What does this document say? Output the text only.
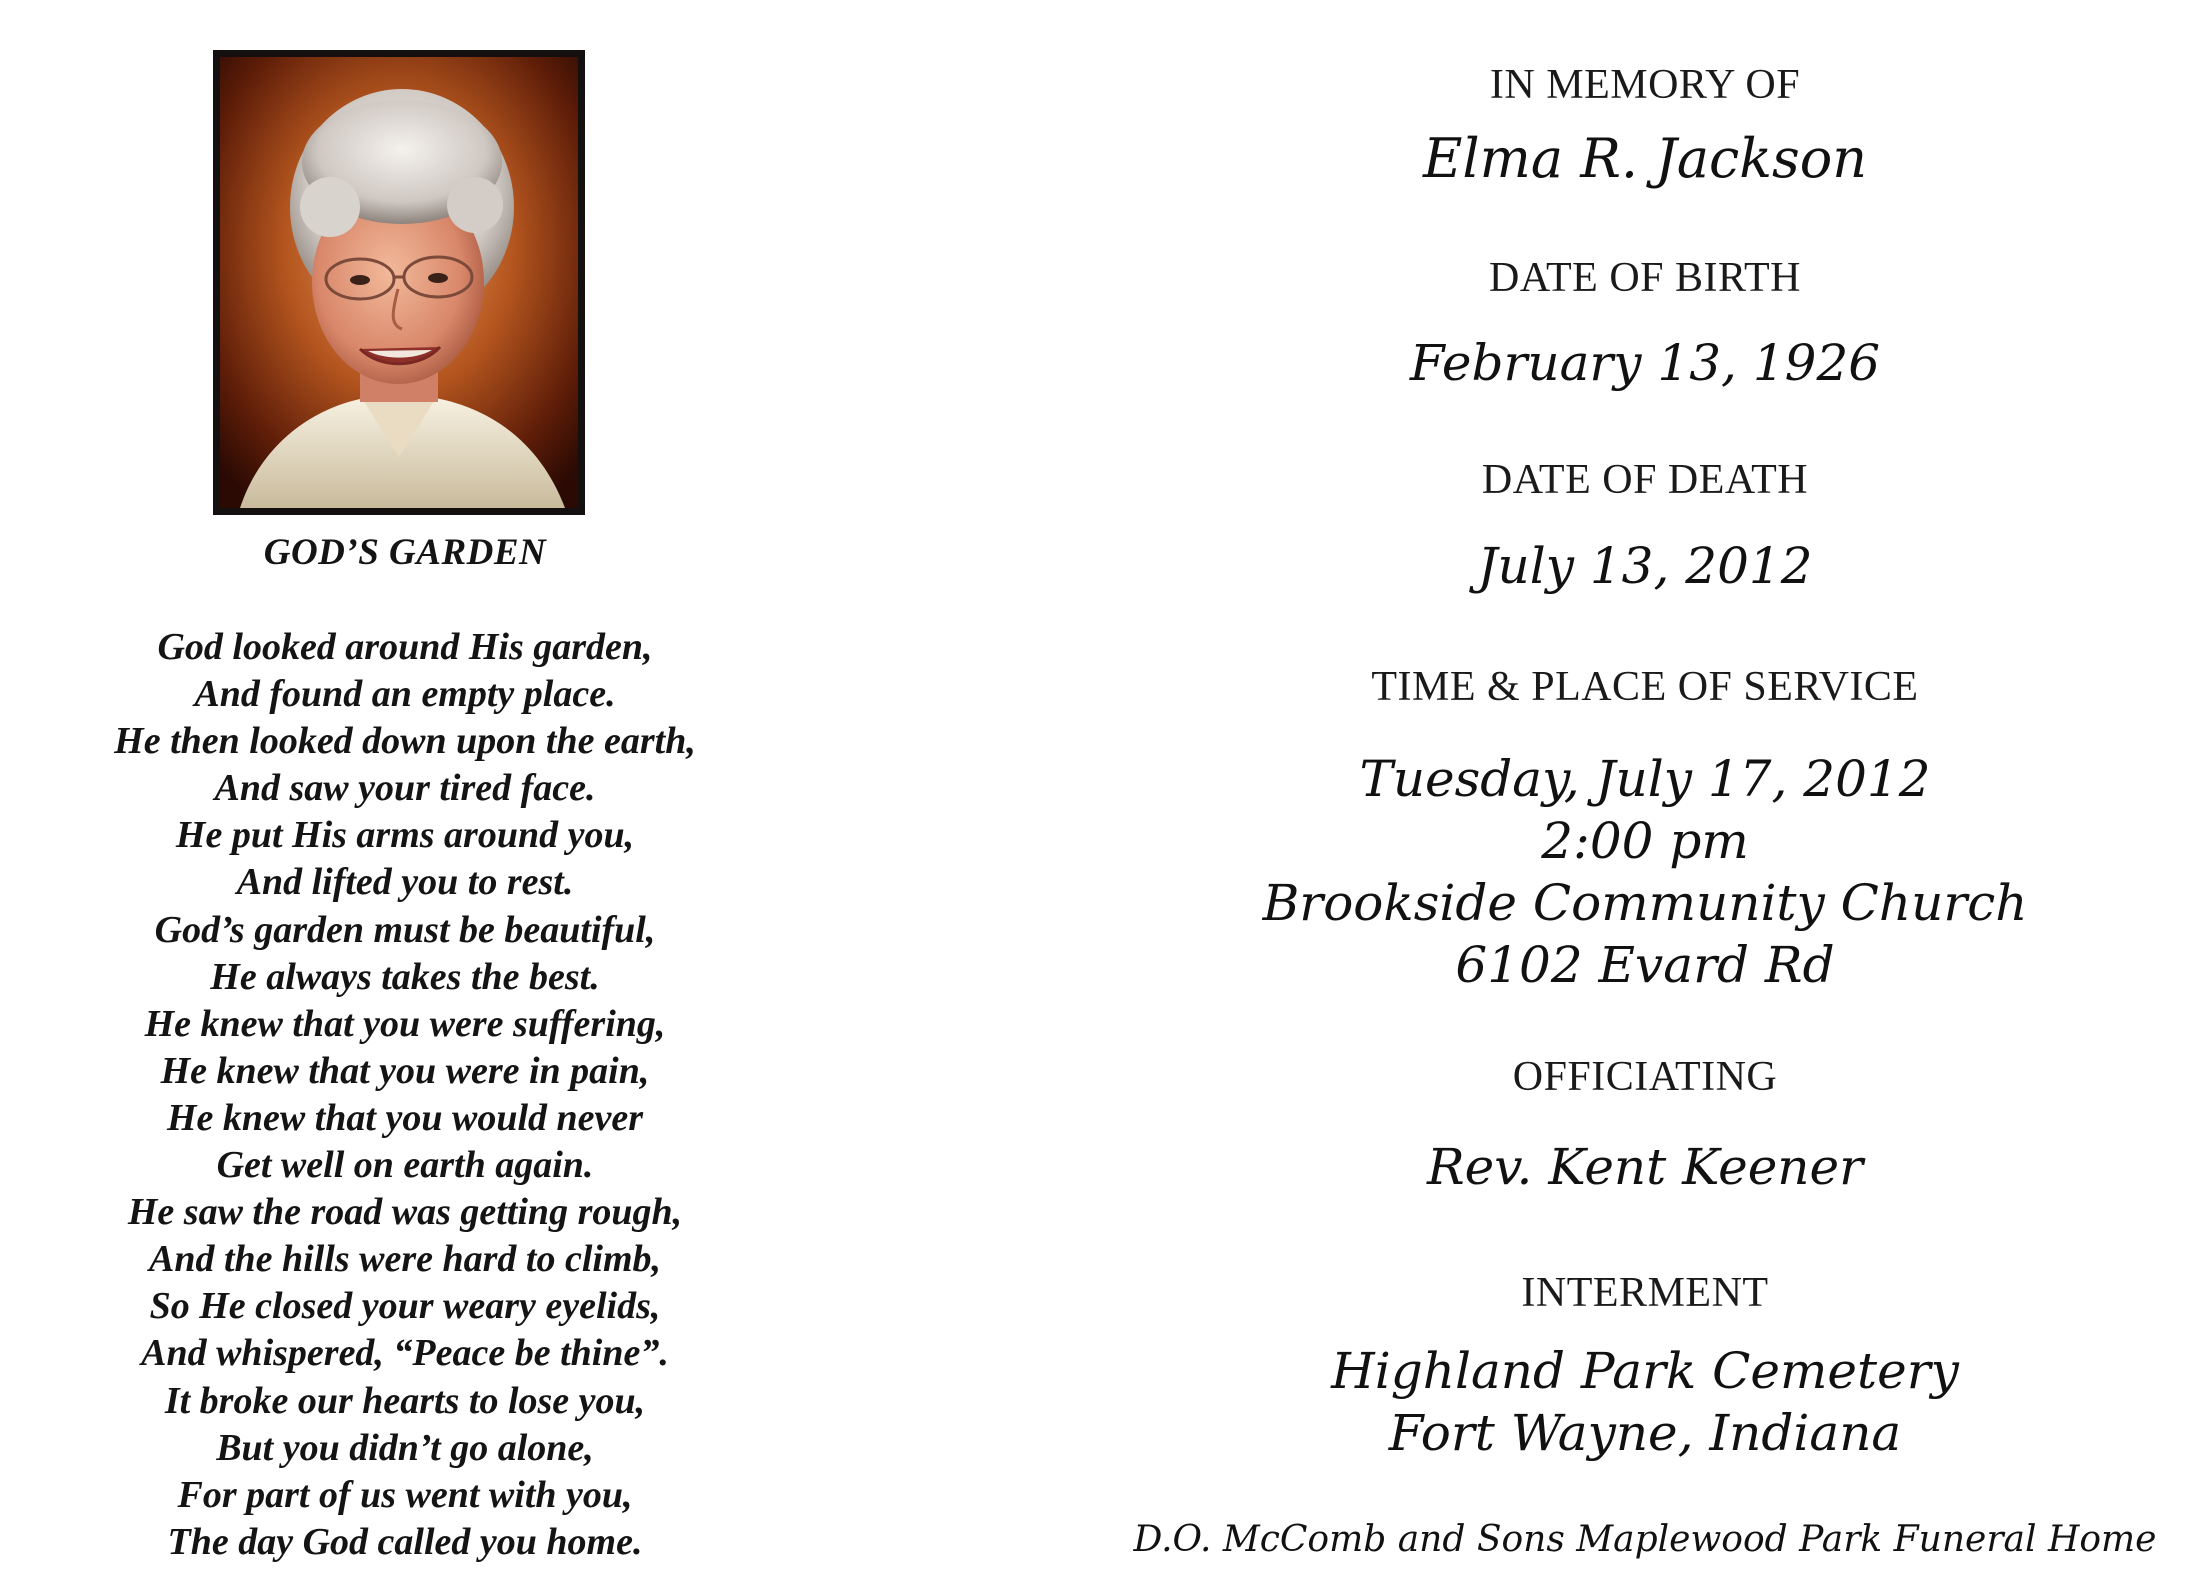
GOD’S GARDEN
God looked around His garden,
And found an empty place.
He then looked down upon the earth,
And saw your tired face.
He put His arms around you,
And lifted you to rest.
God’s garden must be beautiful,
He always takes the best.
He knew that you were suffering,
He knew that you were in pain,
He knew that you would never
Get well on earth again.
He saw the road was getting rough,
And the hills were hard to climb,
So He closed your weary eyelids,
And whispered, “Peace be thine”.
It broke our hearts to lose you,
But you didn’t go alone,
For part of us went with you,
The day God called you home.
IN MEMORY OF
Elma R. Jackson
DATE OF BIRTH
February 13, 1926
DATE OF DEATH
July 13, 2012
TIME & PLACE OF SERVICE
Tuesday, July 17, 2012
2:00 pm
Brookside Community Church
6102 Evard Rd
OFFICIATING
Rev. Kent Keener
INTERMENT
Highland Park Cemetery
Fort Wayne, Indiana
D.O. McComb and Sons Maplewood Park Funeral Home
